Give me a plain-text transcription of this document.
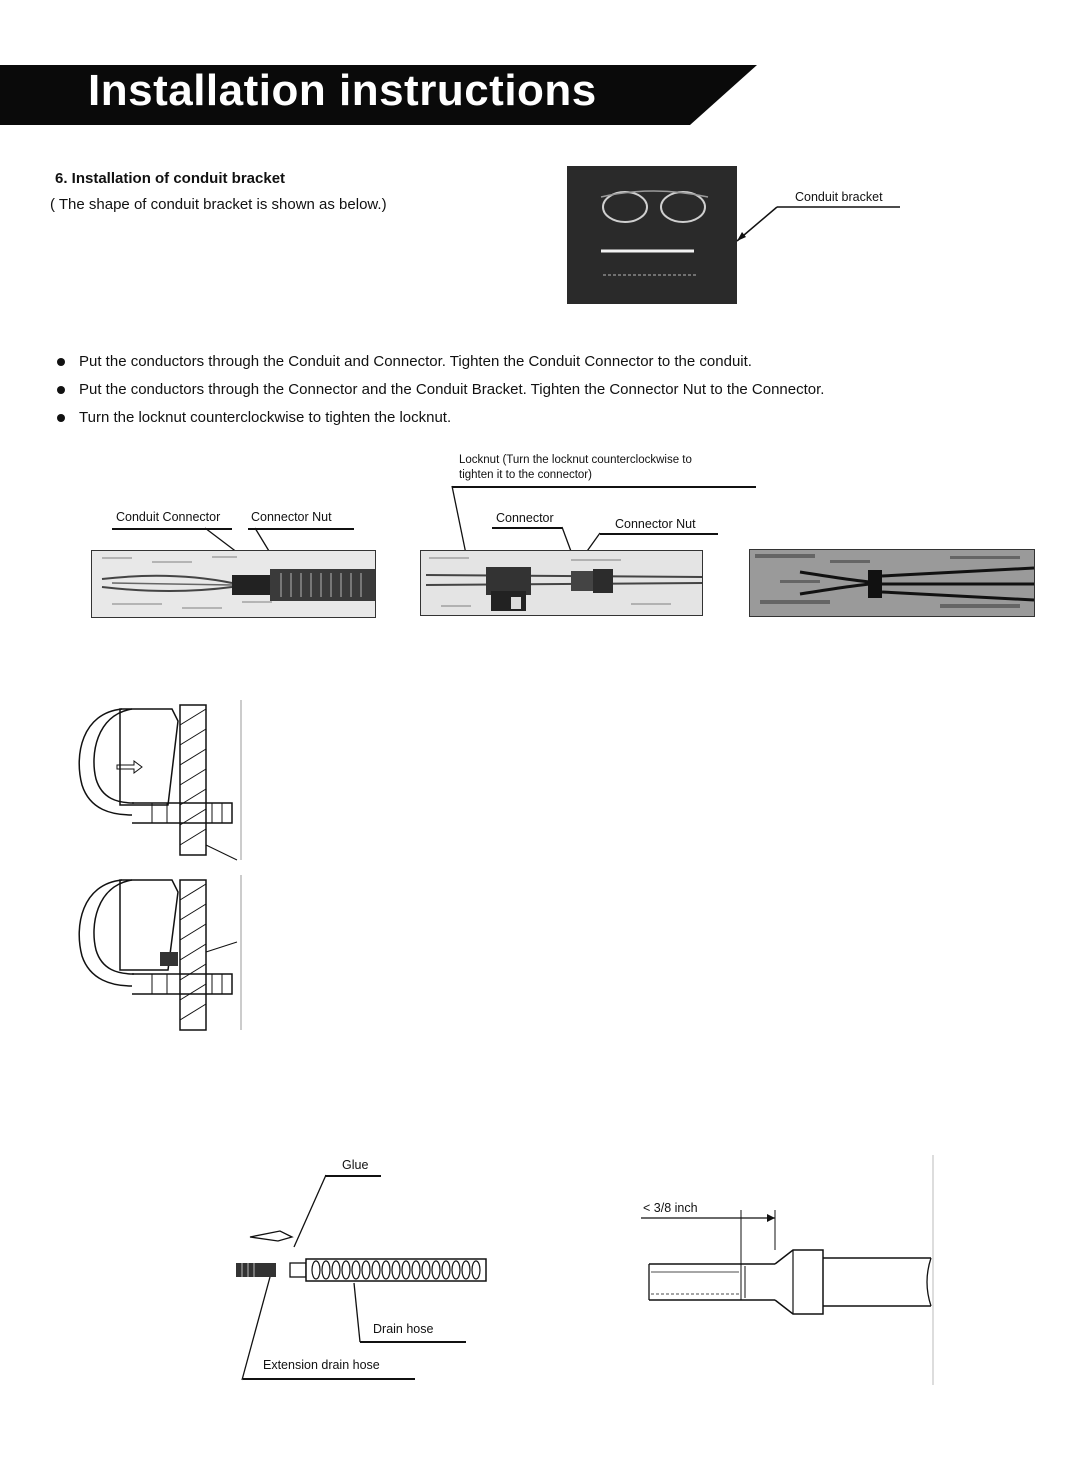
Installation instructions
6. Installation of conduit bracket
( The shape of conduit bracket is shown as below.)	Conduit bracket
Put the conductors through the Conduit and Connector. Tighten the Conduit Connector to the conduit.
Put the conductors through the Connector and the Conduit Bracket. Tighten the Connector Nut to the Connector.
Turn the locknut counterclockwise to tighten the locknut.
Conduit Connector Connector Nut
Locknut (Turn the locknut counterclockwise to
tighten it to the connector)
Connector	Connector Nut
Glue
Drain hose
Extension drain hose
< 3/8 inch
